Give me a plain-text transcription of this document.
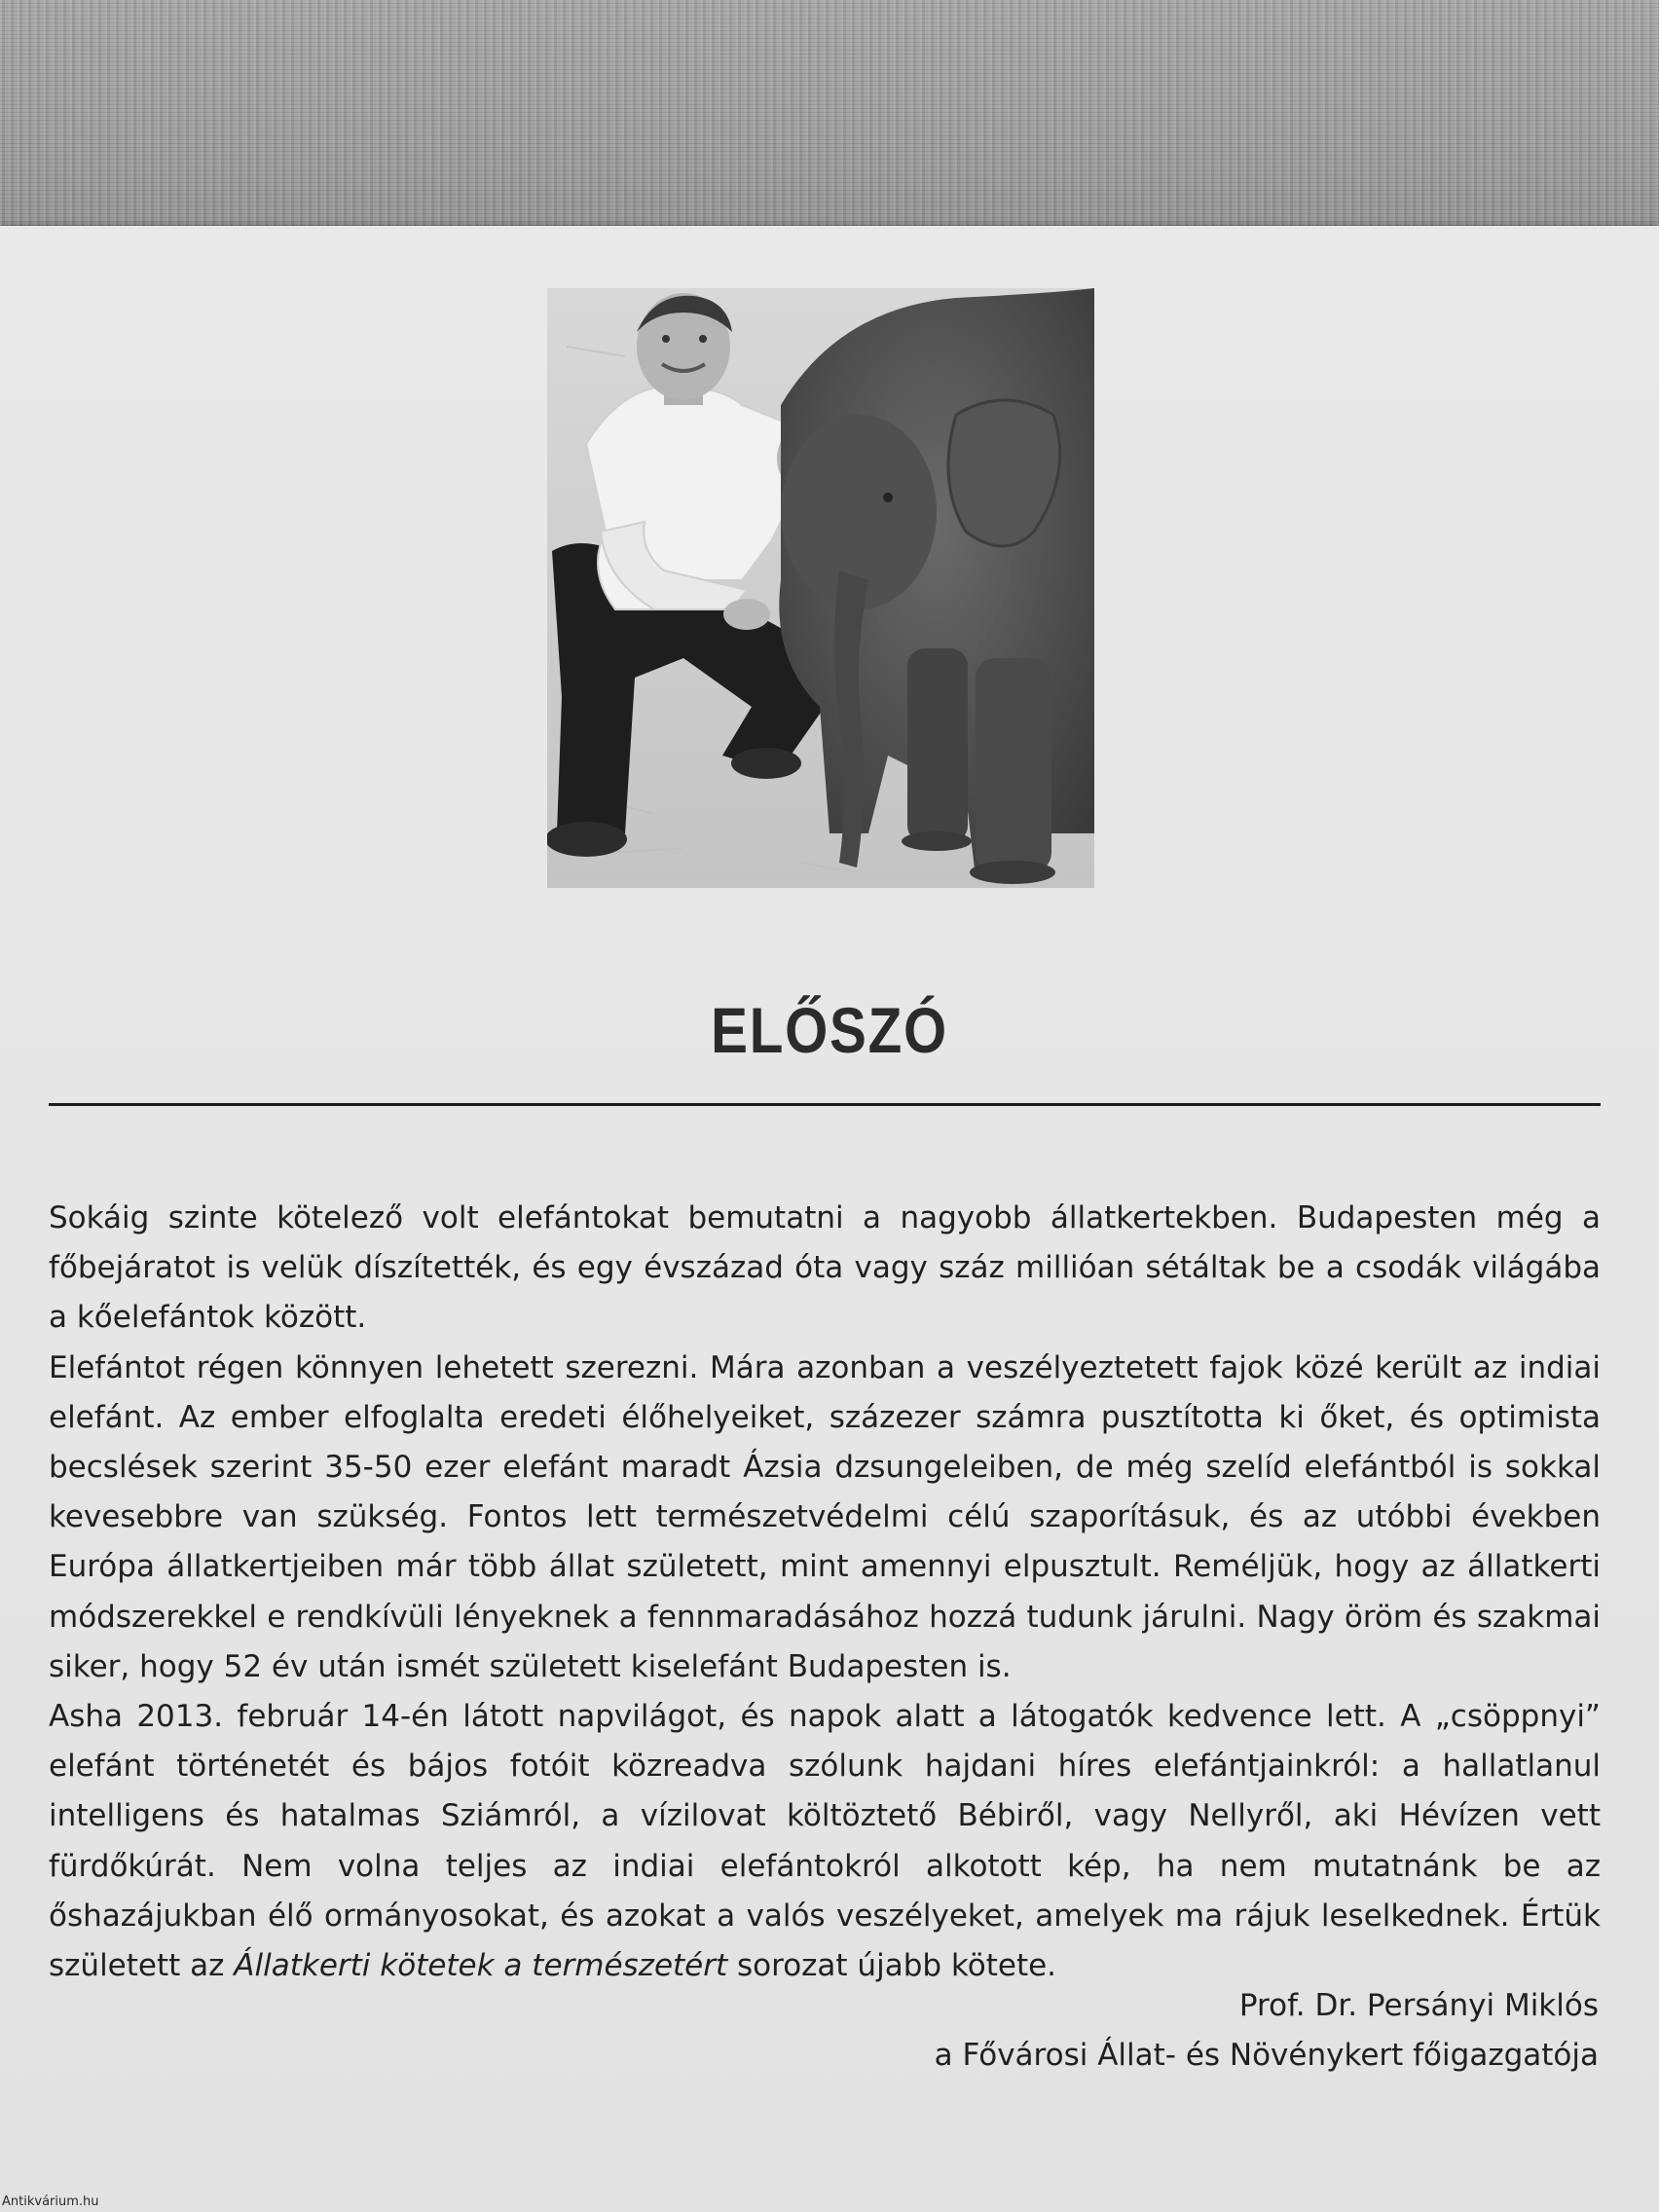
ELŐSZÓ

Sokáig szinte kötelező volt elefántokat bemutatni a nagyobb állatkertekben. Budapesten még a főbejáratot is velük díszítették, és egy évszázad óta vagy száz millióan sétáltak be a csodák világába a kőelefántok között.

Elefántot régen könnyen lehetett szerezni. Mára azonban a veszélyeztetett fajok közé került az indiai elefánt. Az ember elfoglalta eredeti élőhelyeiket, százezer számra pusztította ki őket, és optimista becslések szerint 35-50 ezer elefánt maradt Ázsia dzsungeleiben, de még szelíd elefántból is sokkal kevesebbre van szükség. Fontos lett természetvédelmi célú szaporításuk, és az utóbbi években Európa állatkertjeiben már több állat született, mint amennyi elpusztult. Reméljük, hogy az állatkerti módszerekkel e rendkívüli lényeknek a fennmaradásához hozzá tudunk járulni. Nagy öröm és szakmai siker, hogy 52 év után ismét született kiselefánt Budapesten is.

Asha 2013. február 14-én látott napvilágot, és napok alatt a látogatók kedvence lett. A „csöppnyi” elefánt történetét és bájos fotóit közreadva szólunk hajdani híres elefántjainkról: a hallatlanul intelligens és hatalmas Sziámról, a vízilovat költöztető Bébiről, vagy Nellyről, aki Hévízen vett fürdőkúrát. Nem volna teljes az indiai elefántokról alkotott kép, ha nem mutatnánk be az őshazájukban élő ormányosokat, és azokat a valós veszélyeket, amelyek ma rájuk leselkednek. Értük született az Állatkerti kötetek a természetért sorozat újabb kötete.

Prof. Dr. Persányi Miklós
a Fővárosi Állat- és Növénykert főigazgatója
Antikvárium.hu
